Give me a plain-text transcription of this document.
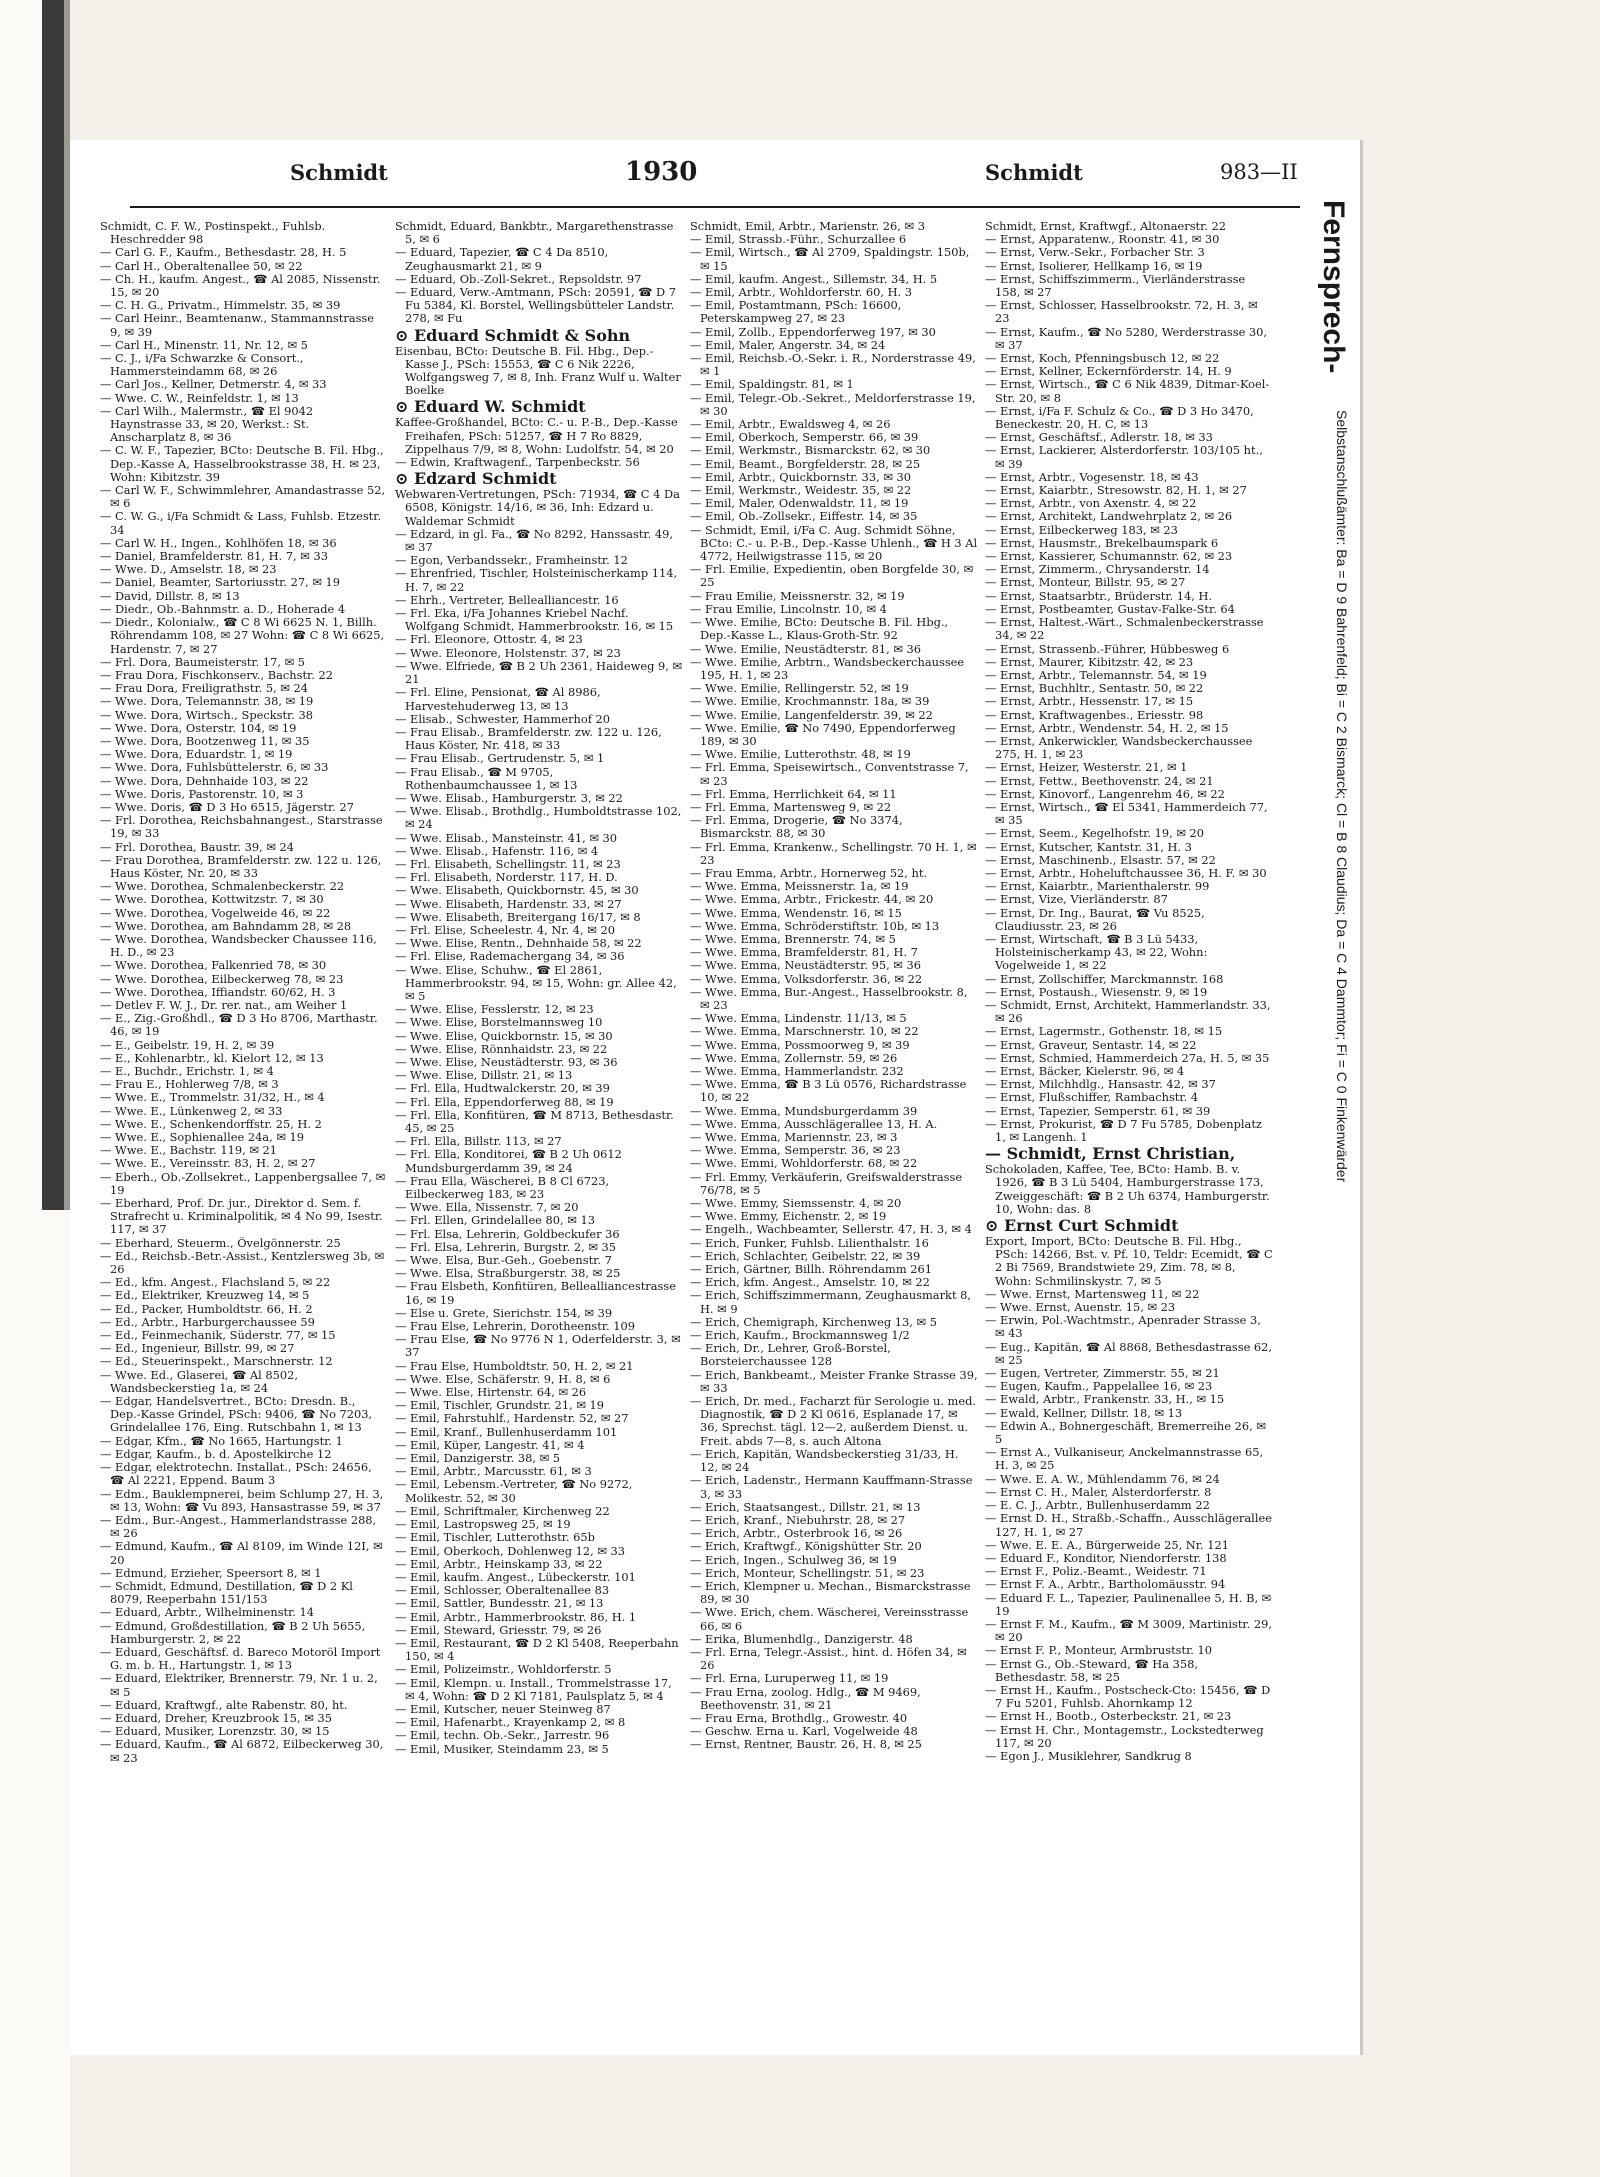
Schmidt	1930	Schmidt	983—II

Schmidt, C. F. W., Postinspekt., Fuhlsb. Heschredder 98

— Carl G. F., Kaufm., Bethesdastr. 28, H. 5

— Carl H., Oberaltenallee 50, ✉ 22

— Ch. H., kaufm. Angest., ☎ Al 2085, Nissenstr. 15, ✉ 20

— C. H. G., Privatm., Himmelstr. 35, ✉ 39

— Carl Heinr., Beamtenanw., Stammannstrasse 9, ✉ 39

— Carl H., Minenstr. 11, Nr. 12, ✉ 5

— C. J., i/Fa Schwarzke & Consort., Hammersteindamm 68, ✉ 26

— Carl Jos., Kellner, Detmerstr. 4, ✉ 33

— Wwe. C. W., Reinfeldstr. 1, ✉ 13

— Carl Wilh., Malermstr., ☎ El 9042 Haynstrasse 33, ✉ 20, Werkst.: St. Anscharplatz 8, ✉ 36

— C. W. F., Tapezier, BCto: Deutsche B. Fil. Hbg., Dep.-Kasse A, Hasselbrookstrasse 38, H. ✉ 23, Wohn: Kibitzstr. 39

— Carl W. F., Schwimmlehrer, Amandastrasse 52, ✉ 6

— C. W. G., i/Fa Schmidt & Lass, Fuhlsb. Etzestr. 34

— Carl W. H., Ingen., Kohlhöfen 18, ✉ 36

— Daniel, Bramfelderstr. 81, H. 7, ✉ 33

— Wwe. D., Amselstr. 18, ✉ 23

— Daniel, Beamter, Sartoriusstr. 27, ✉ 19

— David, Dillstr. 8, ✉ 13

— Diedr., Ob.-Bahnmstr. a. D., Hoherade 4

— Diedr., Kolonialw., ☎ C 8 Wi 6625 N. 1, Billh. Röhrendamm 108, ✉ 27 Wohn: ☎ C 8 Wi 6625, Hardenstr. 7, ✉ 27

— Frl. Dora, Baumeisterstr. 17, ✉ 5

— Frau Dora, Fischkonserv., Bachstr. 22

— Frau Dora, Freiligrathstr. 5, ✉ 24

— Wwe. Dora, Telemannstr. 38, ✉ 19

— Wwe. Dora, Wirtsch., Speckstr. 38

— Wwe. Dora, Osterstr. 104, ✉ 19

— Wwe. Dora, Bootzenweg 11, ✉ 35

— Wwe. Dora, Eduardstr. 1, ✉ 19

— Wwe. Dora, Fuhlsbüttelerstr. 6, ✉ 33

— Wwe. Dora, Dehnhaide 103, ✉ 22

— Wwe. Doris, Pastorenstr. 10, ✉ 3

— Wwe. Doris, ☎ D 3 Ho 6515, Jägerstr. 27

— Frl. Dorothea, Reichsbahnangest., Starstrasse 19, ✉ 33

— Frl. Dorothea, Baustr. 39, ✉ 24

— Frau Dorothea, Bramfelderstr. zw. 122 u. 126, Haus Köster, Nr. 20, ✉ 33

— Wwe. Dorothea, Schmalenbeckerstr. 22

— Wwe. Dorothea, Kottwitzstr. 7, ✉ 30

— Wwe. Dorothea, Vogelweide 46, ✉ 22

— Wwe. Dorothea, am Bahndamm 28, ✉ 28

— Wwe. Dorothea, Wandsbecker Chaussee 116, H. D., ✉ 23

— Wwe. Dorothea, Falkenried 78, ✉ 30

— Wwe. Dorothea, Eilbeckerweg 78, ✉ 23

— Wwe. Dorothea, Iffiandstr. 60/62, H. 3

— Detlev F. W. J., Dr. rer. nat., am Weiher 1

— E., Zig.-Großhdl., ☎ D 3 Ho 8706, Marthastr. 46, ✉ 19

— E., Geibelstr. 19, H. 2, ✉ 39

— E., Kohlenarbtr., kl. Kielort 12, ✉ 13

— E., Buchdr., Erichstr. 1, ✉ 4

— Frau E., Hohlerweg 7/8, ✉ 3

— Wwe. E., Trommelstr. 31/32, H., ✉ 4

— Wwe. E., Lünkenweg 2, ✉ 33

— Wwe. E., Schenkendorffstr. 25, H. 2

— Wwe. E., Sophienallee 24a, ✉ 19

— Wwe. E., Bachstr. 119, ✉ 21

— Wwe. E., Vereinsstr. 83, H. 2, ✉ 27

— Eberh., Ob.-Zollsekret., Lappenbergsallee 7, ✉ 19

— Eberhard, Prof. Dr. jur., Direktor d. Sem. f. Strafrecht u. Kriminalpolitik, ✉ 4 No 99, Isestr. 117, ✉ 37

— Eberhard, Steuerm., Övelgönnerstr. 25

— Ed., Reichsb.-Betr.-Assist., Kentzlersweg 3b, ✉ 26

— Ed., kfm. Angest., Flachsland 5, ✉ 22

— Ed., Elektriker, Kreuzweg 14, ✉ 5

— Ed., Packer, Humboldtstr. 66, H. 2

— Ed., Arbtr., Harburgerchaussee 59

— Ed., Feinmechanik, Süderstr. 77, ✉ 15

— Ed., Ingenieur, Billstr. 99, ✉ 27

— Ed., Steuerinspekt., Marschnerstr. 12

— Wwe. Ed., Glaserei, ☎ Al 8502, Wandsbeckerstieg 1a, ✉ 24

— Edgar, Handelsvertret., BCto: Dresdn. B., Dep.-Kasse Grindel, PSch: 9406, ☎ No 7203, Grindelallee 176, Eing. Rutschbahn 1, ✉ 13

— Edgar, Kfm., ☎ No 1665, Hartungstr. 1

— Edgar, Kaufm., b. d. Apostelkirche 12

— Edgar, elektrotechn. Installat., PSch: 24656, ☎ Al 2221, Eppend. Baum 3

— Edm., Bauklempnerei, beim Schlump 27, H. 3, ✉ 13, Wohn: ☎ Vu 893, Hansastrasse 59, ✉ 37

— Edm., Bur.-Angest., Hammerlandstrasse 288, ✉ 26

— Edmund, Kaufm., ☎ Al 8109, im Winde 12I, ✉ 20

— Edmund, Erzieher, Speersort 8, ✉ 1

— Schmidt, Edmund, Destillation, ☎ D 2 Kl 8079, Reeperbahn 151/153

— Eduard, Arbtr., Wilhelminenstr. 14

— Edmund, Großdestillation, ☎ B 2 Uh 5655, Hamburgerstr. 2, ✉ 22

— Eduard, Geschäftsf. d. Bareco Motoröl Import G. m. b. H., Hartungstr. 1, ✉ 13

— Eduard, Elektriker, Brennerstr. 79, Nr. 1 u. 2, ✉ 5

— Eduard, Kraftwgf., alte Rabenstr. 80, ht.

— Eduard, Dreher, Kreuzbrook 15, ✉ 35

— Eduard, Musiker, Lorenzstr. 30, ✉ 15

— Eduard, Kaufm., ☎ Al 6872, Eilbeckerweg 30, ✉ 23

Schmidt, Eduard, Bankbtr., Margarethenstrasse 5, ✉ 6

— Eduard, Tapezier, ☎ C 4 Da 8510, Zeughausmarkt 21, ✉ 9

— Eduard, Ob.-Zoll-Sekret., Repsoldstr. 97

— Eduard, Verw.-Amtmann, PSch: 20591, ☎ D 7 Fu 5384, Kl. Borstel, Wellingsbütteler Landstr. 278, ✉ Fu

⊙ Eduard Schmidt & Sohn

Eisenbau, BCto: Deutsche B. Fil. Hbg., Dep.-Kasse J., PSch: 15553, ☎ C 6 Nik 2226, Wolfgangsweg 7, ✉ 8, Inh. Franz Wulf u. Walter Boelke

⊙ Eduard W. Schmidt

Kaffee-Großhandel, BCto: C.- u. P.-B., Dep.-Kasse Freihafen, PSch: 51257, ☎ H 7 Ro 8829, Zippelhaus 7/9, ✉ 8, Wohn: Ludolfstr. 54, ✉ 20

— Edwin, Kraftwagenf., Tarpenbeckstr. 56

⊙ Edzard Schmidt

Webwaren-Vertretungen, PSch: 71934, ☎ C 4 Da 6508, Königstr. 14/16, ✉ 36, Inh: Edzard u. Waldemar Schmidt

— Edzard, in gl. Fa., ☎ No 8292, Hanssastr. 49, ✉ 37

— Egon, Verbandssekr., Framheinstr. 12

— Ehrenfried, Tischler, Holsteinischerkamp 114, H. 7, ✉ 22

— Ehrh., Vertreter, Bellealliancestr. 16

— Frl. Eka, i/Fa Johannes Kriebel Nachf. Wolfgang Schmidt, Hammerbrookstr. 16, ✉ 15

— Frl. Eleonore, Ottostr. 4, ✉ 23

— Wwe. Eleonore, Holstenstr. 37, ✉ 23

— Wwe. Elfriede, ☎ B 2 Uh 2361, Haideweg 9, ✉ 21

— Frl. Eline, Pensionat, ☎ Al 8986, Harvestehuderweg 13, ✉ 13

— Elisab., Schwester, Hammerhof 20

— Frau Elisab., Bramfelderstr. zw. 122 u. 126, Haus Köster, Nr. 418, ✉ 33

— Frau Elisab., Gertrudenstr. 5, ✉ 1

— Frau Elisab., ☎ M 9705, Rothenbaumchaussee 1, ✉ 13

— Wwe. Elisab., Hamburgerstr. 3, ✉ 22

— Wwe. Elisab., Brothdlg., Humboldtstrasse 102, ✉ 24

— Wwe. Elisab., Mansteinstr. 41, ✉ 30

— Wwe. Elisab., Hafenstr. 116, ✉ 4

— Frl. Elisabeth, Schellingstr. 11, ✉ 23

— Frl. Elisabeth, Norderstr. 117, H. D.

— Wwe. Elisabeth, Quickbornstr. 45, ✉ 30

— Wwe. Elisabeth, Hardenstr. 33, ✉ 27

— Wwe. Elisabeth, Breitergang 16/17, ✉ 8

— Frl. Elise, Scheelestr. 4, Nr. 4, ✉ 20

— Wwe. Elise, Rentn., Dehnhaide 58, ✉ 22

— Frl. Elise, Rademachergang 34, ✉ 36

— Wwe. Elise, Schuhw., ☎ El 2861, Hammerbrookstr. 94, ✉ 15, Wohn: gr. Allee 42, ✉ 5

— Wwe. Elise, Fesslerstr. 12, ✉ 23

— Wwe. Elise, Borstelmannsweg 10

— Wwe. Elise, Quickbornstr. 15, ✉ 30

— Wwe. Elise, Rönnhaidstr. 23, ✉ 22

— Wwe. Elise, Neustädterstr. 93, ✉ 36

— Wwe. Elise, Dillstr. 21, ✉ 13

— Frl. Ella, Hudtwalckerstr. 20, ✉ 39

— Frl. Ella, Eppendorferweg 88, ✉ 19

— Frl. Ella, Konfitüren, ☎ M 8713, Bethesdastr. 45, ✉ 25

— Frl. Ella, Billstr. 113, ✉ 27

— Frl. Ella, Konditorei, ☎ B 2 Uh 0612 Mundsburgerdamm 39, ✉ 24

— Frau Ella, Wäscherei, B 8 Cl 6723, Eilbeckerweg 183, ✉ 23

— Wwe. Ella, Nissenstr. 7, ✉ 20

— Frl. Ellen, Grindelallee 80, ✉ 13

— Frl. Elsa, Lehrerin, Goldbeckufer 36

— Frl. Elsa, Lehrerin, Burgstr. 2, ✉ 35

— Wwe. Elsa, Bur.-Geh., Goebenstr. 7

— Wwe. Elsa, Straßburgerstr. 38, ✉ 25

— Frau Elsbeth, Konfitüren, Bellealliancestrasse 16, ✉ 19

— Else u. Grete, Sierichstr. 154, ✉ 39

— Frau Else, Lehrerin, Dorotheenstr. 109

— Frau Else, ☎ No 9776 N 1, Oderfelderstr. 3, ✉ 37

— Frau Else, Humboldtstr. 50, H. 2, ✉ 21

— Wwe. Else, Schäferstr. 9, H. 8, ✉ 6

— Wwe. Else, Hirtenstr. 64, ✉ 26

— Emil, Tischler, Grundstr. 21, ✉ 19

— Emil, Fahrstuhlf., Hardenstr. 52, ✉ 27

— Emil, Kranf., Bullenhuserdamm 101

— Emil, Küper, Langestr. 41, ✉ 4

— Emil, Danzigerstr. 38, ✉ 5

— Emil, Arbtr., Marcusstr. 61, ✉ 3

— Emil, Lebensm.-Vertreter, ☎ No 9272, Molikestr. 52, ✉ 30

— Emil, Schriftmaler, Kirchenweg 22

— Emil, Lastropsweg 25, ✉ 19

— Emil, Tischler, Lutterothstr. 65b

— Emil, Oberkoch, Dohlenweg 12, ✉ 33

— Emil, Arbtr., Heinskamp 33, ✉ 22

— Emil, kaufm. Angest., Lübeckerstr. 101

— Emil, Schlosser, Oberaltenallee 83

— Emil, Sattler, Bundesstr. 21, ✉ 13

— Emil, Arbtr., Hammerbrookstr. 86, H. 1

— Emil, Steward, Griesstr. 79, ✉ 26

— Emil, Restaurant, ☎ D 2 Kl 5408, Reeperbahn 150, ✉ 4

— Emil, Polizeimstr., Wohldorferstr. 5

— Emil, Klempn. u. Install., Trommelstrasse 17, ✉ 4, Wohn: ☎ D 2 Kl 7181, Paulsplatz 5, ✉ 4

— Emil, Kutscher, neuer Steinweg 87

— Emil, Hafenarbt., Krayenkamp 2, ✉ 8

— Emil, techn. Ob.-Sekr., Jarrestr. 96

— Emil, Musiker, Steindamm 23, ✉ 5

Schmidt, Emil, Arbtr., Marienstr. 26, ✉ 3

— Emil, Strassb.-Führ., Schurzallee 6

— Emil, Wirtsch., ☎ Al 2709, Spaldingstr. 150b, ✉ 15

— Emil, kaufm. Angest., Sillemstr. 34, H. 5

— Emil, Arbtr., Wohldorferstr. 60, H. 3

— Emil, Postamtmann, PSch: 16600, Peterskampweg 27, ✉ 23

— Emil, Zollb., Eppendorferweg 197, ✉ 30

— Emil, Maler, Angerstr. 34, ✉ 24

— Emil, Reichsb.-O.-Sekr. i. R., Norderstrasse 49, ✉ 1

— Emil, Spaldingstr. 81, ✉ 1

— Emil, Telegr.-Ob.-Sekret., Meldorferstrasse 19, ✉ 30

— Emil, Arbtr., Ewaldsweg 4, ✉ 26

— Emil, Oberkoch, Semperstr. 66, ✉ 39

— Emil, Werkmstr., Bismarckstr. 62, ✉ 30

— Emil, Beamt., Borgfelderstr. 28, ✉ 25

— Emil, Arbtr., Quickbornstr. 33, ✉ 30

— Emil, Werkmstr., Weidestr. 35, ✉ 22

— Emil, Maler, Odenwaldstr. 11, ✉ 19

— Emil, Ob.-Zollsekr., Eiffestr. 14, ✉ 35

— Schmidt, Emil, i/Fa C. Aug. Schmidt Söhne, BCto: C.- u. P.-B., Dep.-Kasse Uhlenh., ☎ H 3 Al 4772, Heilwigstrasse 115, ✉ 20

— Frl. Emilie, Expedientin, oben Borgfelde 30, ✉ 25

— Frau Emilie, Meissnerstr. 32, ✉ 19

— Frau Emilie, Lincolnstr. 10, ✉ 4

— Wwe. Emilie, BCto: Deutsche B. Fil. Hbg., Dep.-Kasse L., Klaus-Groth-Str. 92

— Wwe. Emilie, Neustädterstr. 81, ✉ 36

— Wwe. Emilie, Arbtrn., Wandsbeckerchaussee 195, H. 1, ✉ 23

— Wwe. Emilie, Rellingerstr. 52, ✉ 19

— Wwe. Emilie, Krochmannstr. 18a, ✉ 39

— Wwe. Emilie, Langenfelderstr. 39, ✉ 22

— Wwe. Emilie, ☎ No 7490, Eppendorferweg 189, ✉ 30

— Wwe. Emilie, Lutterothstr. 48, ✉ 19

— Frl. Emma, Speisewirtsch., Conventstrasse 7, ✉ 23

— Frl. Emma, Herrlichkeit 64, ✉ 11

— Frl. Emma, Martensweg 9, ✉ 22

— Frl. Emma, Drogerie, ☎ No 3374, Bismarckstr. 88, ✉ 30

— Frl. Emma, Krankenw., Schellingstr. 70 H. 1, ✉ 23

— Frau Emma, Arbtr., Hornerweg 52, ht.

— Wwe. Emma, Meissnerstr. 1a, ✉ 19

— Wwe. Emma, Arbtr., Frickestr. 44, ✉ 20

— Wwe. Emma, Wendenstr. 16, ✉ 15

— Wwe. Emma, Schröderstiftstr. 10b, ✉ 13

— Wwe. Emma, Brennerstr. 74, ✉ 5

— Wwe. Emma, Bramfelderstr. 81, H. 7

— Wwe. Emma, Neustädterstr. 95, ✉ 36

— Wwe. Emma, Volksdorferstr. 36, ✉ 22

— Wwe. Emma, Bur.-Angest., Hasselbrookstr. 8, ✉ 23

— Wwe. Emma, Lindenstr. 11/13, ✉ 5

— Wwe. Emma, Marschnerstr. 10, ✉ 22

— Wwe. Emma, Possmoorweg 9, ✉ 39

— Wwe. Emma, Zollernstr. 59, ✉ 26

— Wwe. Emma, Hammerlandstr. 232

— Wwe. Emma, ☎ B 3 Lü 0576, Richardstrasse 10, ✉ 22

— Wwe. Emma, Mundsburgerdamm 39

— Wwe. Emma, Ausschlägerallee 13, H. A.

— Wwe. Emma, Mariennstr. 23, ✉ 3

— Wwe. Emma, Semperstr. 36, ✉ 23

— Wwe. Emmi, Wohldorferstr. 68, ✉ 22

— Frl. Emmy, Verkäuferin, Greifswalderstrasse 76/78, ✉ 5

— Wwe. Emmy, Siemssenstr. 4, ✉ 20

— Wwe. Emmy, Eichenstr. 2, ✉ 19

— Engelh., Wachbeamter, Sellerstr. 47, H. 3, ✉ 4

— Erich, Funker, Fuhlsb. Lilienthalstr. 16

— Erich, Schlachter, Geibelstr. 22, ✉ 39

— Erich, Gärtner, Billh. Röhrendamm 261

— Erich, kfm. Angest., Amselstr. 10, ✉ 22

— Erich, Schiffszimmermann, Zeughausmarkt 8, H. ✉ 9

— Erich, Chemigraph, Kirchenweg 13, ✉ 5

— Erich, Kaufm., Brockmannsweg 1/2

— Erich, Dr., Lehrer, Groß-Borstel, Borsteierchaussee 128

— Erich, Bankbeamt., Meister Franke Strasse 39, ✉ 33

— Erich, Dr. med., Facharzt für Serologie u. med. Diagnostik, ☎ D 2 Kl 0616, Esplanade 17, ✉ 36, Sprechst. tägl. 12—2, außerdem Dienst. u. Freit. abds 7—8, s. auch Altona

— Erich, Kapitän, Wandsbeckerstieg 31/33, H. 12, ✉ 24

— Erich, Ladenstr., Hermann Kauffmann-Strasse 3, ✉ 33

— Erich, Staatsangest., Dillstr. 21, ✉ 13

— Erich, Kranf., Niebuhrstr. 28, ✉ 27

— Erich, Arbtr., Osterbrook 16, ✉ 26

— Erich, Kraftwgf., Königshütter Str. 20

— Erich, Ingen., Schulweg 36, ✉ 19

— Erich, Monteur, Schellingstr. 51, ✉ 23

— Erich, Klempner u. Mechan., Bismarckstrasse 89, ✉ 30

— Wwe. Erich, chem. Wäscherei, Vereinsstrasse 66, ✉ 6

— Erika, Blumenhdlg., Danzigerstr. 48

— Frl. Erna, Telegr.-Assist., hint. d. Höfen 34, ✉ 26

— Frl. Erna, Luruperweg 11, ✉ 19

— Frau Erna, zoolog. Hdlg., ☎ M 9469, Beethovenstr. 31, ✉ 21

— Frau Erna, Brothdlg., Growestr. 40

— Geschw. Erna u. Karl, Vogelweide 48

— Ernst, Rentner, Baustr. 26, H. 8, ✉ 25

Schmidt, Ernst, Kraftwgf., Altonaerstr. 22

— Ernst, Apparatenw., Roonstr. 41, ✉ 30

— Ernst, Verw.-Sekr., Forbacher Str. 3

— Ernst, Isolierer, Hellkamp 16, ✉ 19

— Ernst, Schiffszimmerm., Vierländerstrasse 158, ✉ 27

— Ernst, Schlosser, Hasselbrookstr. 72, H. 3, ✉ 23

— Ernst, Kaufm., ☎ No 5280, Werderstrasse 30, ✉ 37

— Ernst, Koch, Pfenningsbusch 12, ✉ 22

— Ernst, Kellner, Eckernförderstr. 14, H. 9

— Ernst, Wirtsch., ☎ C 6 Nik 4839, Ditmar-Koel-Str. 20, ✉ 8

— Ernst, i/Fa F. Schulz & Co., ☎ D 3 Ho 3470, Beneckestr. 20, H. C, ✉ 13

— Ernst, Geschäftsf., Adlerstr. 18, ✉ 33

— Ernst, Lackierer, Alsterdorferstr. 103/105 ht., ✉ 39

— Ernst, Arbtr., Vogesenstr. 18, ✉ 43

— Ernst, Kaiarbtr., Stresowstr. 82, H. 1, ✉ 27

— Ernst, Arbtr., von Axenstr. 4, ✉ 22

— Ernst, Architekt, Landwehrplatz 2, ✉ 26

— Ernst, Eilbeckerweg 183, ✉ 23

— Ernst, Hausmstr., Brekelbaumspark 6

— Ernst, Kassierer, Schumannstr. 62, ✉ 23

— Ernst, Zimmerm., Chrysanderstr. 14

— Ernst, Monteur, Billstr. 95, ✉ 27

— Ernst, Staatsarbtr., Brüderstr. 14, H.

— Ernst, Postbeamter, Gustav-Falke-Str. 64

— Ernst, Haltest.-Wärt., Schmalenbeckerstrasse 34, ✉ 22

— Ernst, Strassenb.-Führer, Hübbesweg 6

— Ernst, Maurer, Kibitzstr. 42, ✉ 23

— Ernst, Arbtr., Telemannstr. 54, ✉ 19

— Ernst, Buchhltr., Sentastr. 50, ✉ 22

— Ernst, Arbtr., Hessenstr. 17, ✉ 15

— Ernst, Kraftwagenbes., Eriesstr. 98

— Ernst, Arbtr., Wendenstr. 54, H. 2, ✉ 15

— Ernst, Ankerwickler, Wandsbeckerchaussee 275, H. 1, ✉ 23

— Ernst, Heizer, Westerstr. 21, ✉ 1

— Ernst, Fettw., Beethovenstr. 24, ✉ 21

— Ernst, Kinovorf., Langenrehm 46, ✉ 22

— Ernst, Wirtsch., ☎ El 5341, Hammerdeich 77, ✉ 35

— Ernst, Seem., Kegelhofstr. 19, ✉ 20

— Ernst, Kutscher, Kantstr. 31, H. 3

— Ernst, Maschinenb., Elsastr. 57, ✉ 22

— Ernst, Arbtr., Hoheluftchaussee 36, H. F. ✉ 30

— Ernst, Kaiarbtr., Marienthalerstr. 99

— Ernst, Vize, Vierländerstr. 87

— Ernst, Dr. Ing., Baurat, ☎ Vu 8525, Claudiusstr. 23, ✉ 26

— Ernst, Wirtschaft, ☎ B 3 Lü 5433, Holsteinischerkamp 43, ✉ 22, Wohn: Vogelweide 1, ✉ 22

— Ernst, Zollschiffer, Marckmannstr. 168

— Ernst, Postaush., Wiesenstr. 9, ✉ 19

— Schmidt, Ernst, Architekt, Hammerlandstr. 33, ✉ 26

— Ernst, Lagermstr., Gothenstr. 18, ✉ 15

— Ernst, Graveur, Sentastr. 14, ✉ 22

— Ernst, Schmied, Hammerdeich 27a, H. 5, ✉ 35

— Ernst, Bäcker, Kielerstr. 96, ✉ 4

— Ernst, Milchhdlg., Hansastr. 42, ✉ 37

— Ernst, Flußschiffer, Rambachstr. 4

— Ernst, Tapezier, Semperstr. 61, ✉ 39

— Ernst, Prokurist, ☎ D 7 Fu 5785, Dobenplatz 1, ✉ Langenh. 1

— Schmidt, Ernst Christian,

Schokoladen, Kaffee, Tee, BCto: Hamb. B. v. 1926, ☎ B 3 Lü 5404, Hamburgerstrasse 173, Zweiggeschäft: ☎ B 2 Uh 6374, Hamburgerstr. 10, Wohn: das. 8

⊙ Ernst Curt Schmidt

Export, Import, BCto: Deutsche B. Fil. Hbg., PSch: 14266, Bst. v. Pf. 10, Teldr: Ecemidt, ☎ C 2 Bi 7569, Brandstwiete 29, Zim. 78, ✉ 8, Wohn: Schmilinskystr. 7, ✉ 5

— Wwe. Ernst, Martensweg 11, ✉ 22

— Wwe. Ernst, Auenstr. 15, ✉ 23

— Erwin, Pol.-Wachtmstr., Apenrader Strasse 3, ✉ 43

— Eug., Kapitän, ☎ Al 8868, Bethesdastrasse 62, ✉ 25

— Eugen, Vertreter, Zimmerstr. 55, ✉ 21

— Eugen, Kaufm., Pappelallee 16, ✉ 23

— Ewald, Arbtr., Frankenstr. 33, H., ✉ 15

— Ewald, Kellner, Dillstr. 18, ✉ 13

— Edwin A., Bohnergeschäft, Bremerreihe 26, ✉ 5

— Ernst A., Vulkaniseur, Anckelmannstrasse 65, H. 3, ✉ 25

— Wwe. E. A. W., Mühlendamm 76, ✉ 24

— Ernst C. H., Maler, Alsterdorferstr. 8

— E. C. J., Arbtr., Bullenhuserdamm 22

— Ernst D. H., Straßb.-Schaffn., Ausschlägerallee 127, H. 1, ✉ 27

— Wwe. E. E. A., Bürgerweide 25, Nr. 121

— Eduard F., Konditor, Niendorferstr. 138

— Ernst F., Poliz.-Beamt., Weidestr. 71

— Ernst F. A., Arbtr., Bartholomäusstr. 94

— Eduard F. L., Tapezier, Paulinenallee 5, H. B, ✉ 19

— Ernst F. M., Kaufm., ☎ M 3009, Martinistr. 29, ✉ 20

— Ernst F. P., Monteur, Armbruststr. 10

— Ernst G., Ob.-Steward, ☎ Ha 358, Bethesdastr. 58, ✉ 25

— Ernst H., Kaufm., Postscheck-Cto: 15456, ☎ D 7 Fu 5201, Fuhlsb. Ahornkamp 12

— Ernst H., Bootb., Osterbeckstr. 21, ✉ 23

— Ernst H. Chr., Montagemstr., Lockstedterweg 117, ✉ 20

— Egon J., Musiklehrer, Sandkrug 8

Fernsprech-
Selbstanschlußämter: Ba = D 9 Bahrenfeld; Bi = C 2 Bismarck; Cl = B 8 Claudius; Da = C 4 Dammtor; Fi = C 0 Finkenwärder
